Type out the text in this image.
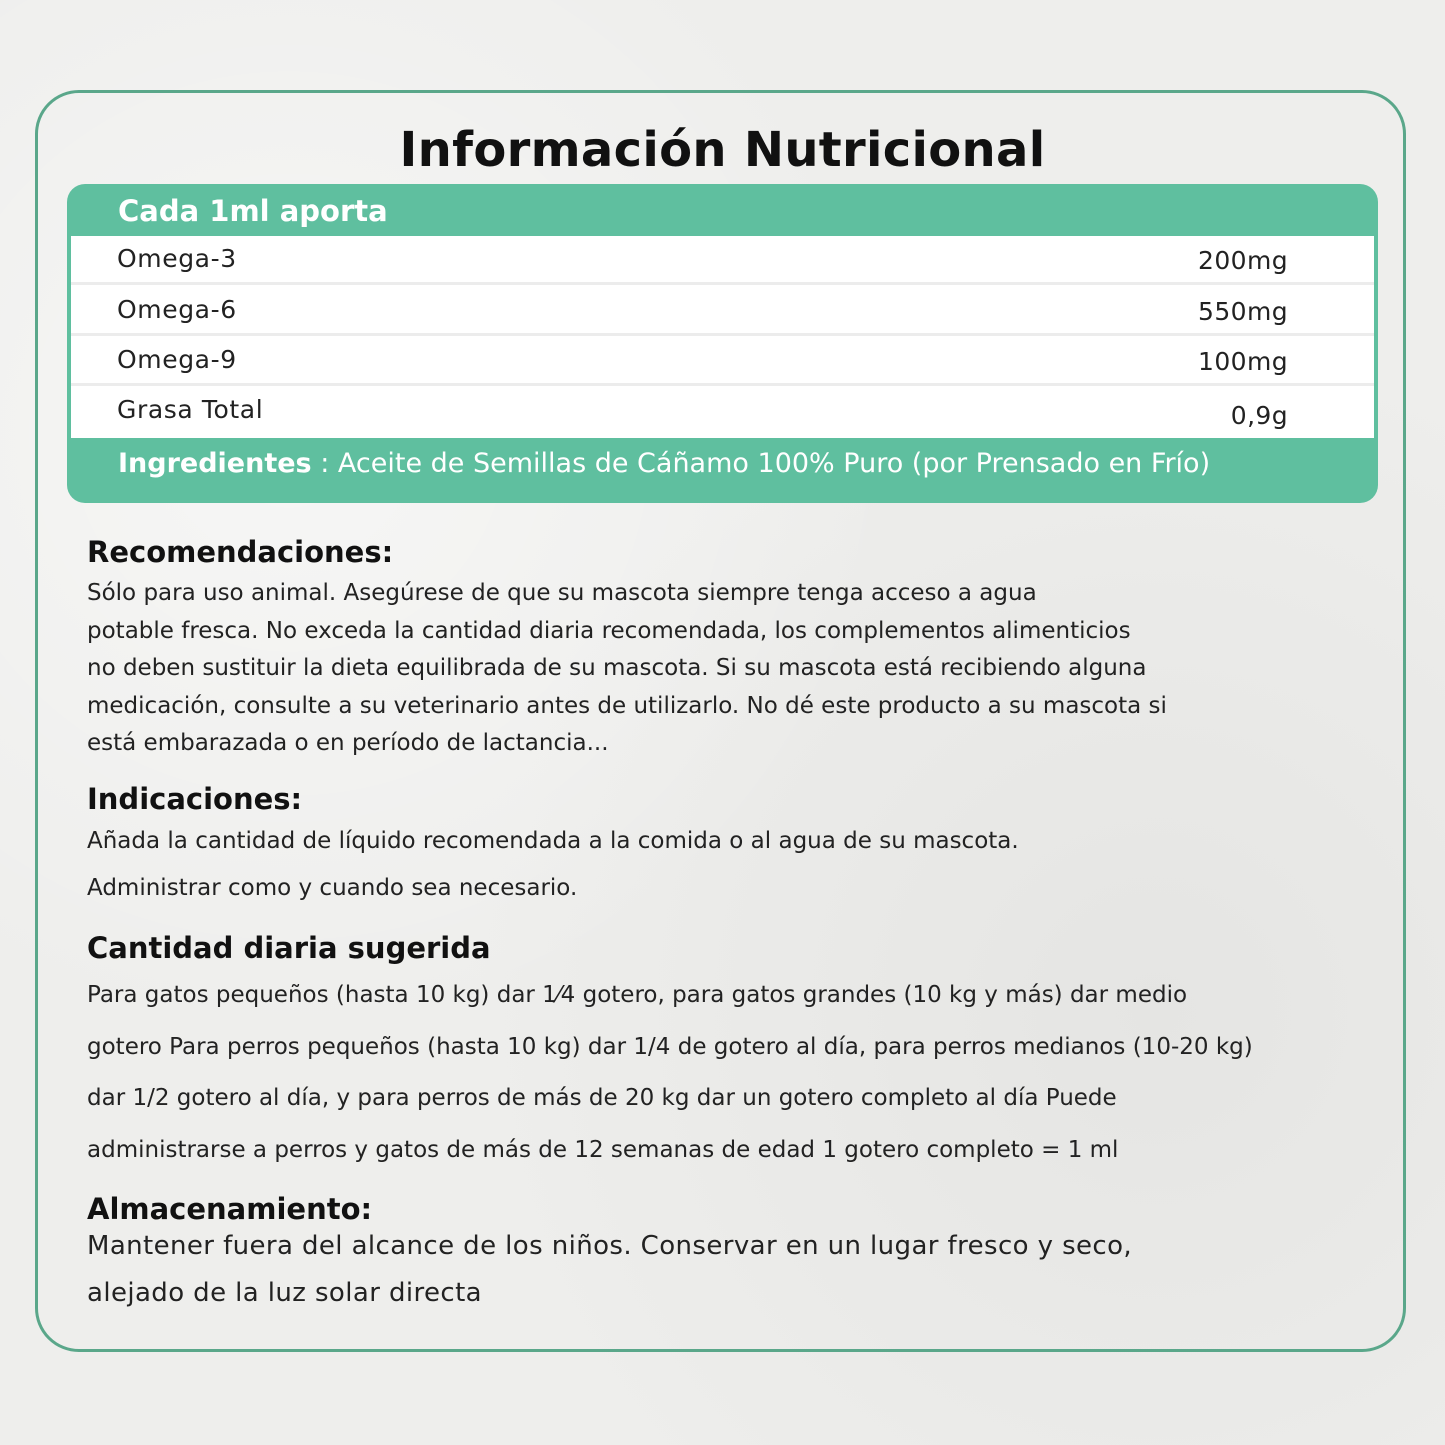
Información Nutricional
Cada 1ml aporta
Omega-3	200mg
Omega-6	550mg
Omega-9	100mg
Grasa Total	0,9g
Ingredientes : Aceite de Semillas de Cáñamo 100% Puro (por Prensado en Frío)
Recomendaciones:

Sólo para uso animal. Asegúrese de que su mascota siempre tenga acceso a agua

potable fresca. No exceda la cantidad diaria recomendada, los complementos alimenticios

no deben sustituir la dieta equilibrada de su mascota. Si su mascota está recibiendo alguna

medicación, consulte a su veterinario antes de utilizarlo. No dé este producto a su mascota si

está embarazada o en período de lactancia...

Indicaciones:

Añada la cantidad de líquido recomendada a la comida o al agua de su mascota.

Administrar como y cuando sea necesario.

Cantidad diaria sugerida

Para gatos pequeños (hasta 10 kg) dar 1⁄4 gotero, para gatos grandes (10 kg y más) dar medio

gotero Para perros pequeños (hasta 10 kg) dar 1/4 de gotero al día, para perros medianos (10-20 kg)

dar 1/2 gotero al día, y para perros de más de 20 kg dar un gotero completo al día Puede

administrarse a perros y gatos de más de 12 semanas de edad 1 gotero completo = 1 ml

Almacenamiento:

Mantener fuera del alcance de los niños. Conservar en un lugar fresco y seco,

alejado de la luz solar directa
